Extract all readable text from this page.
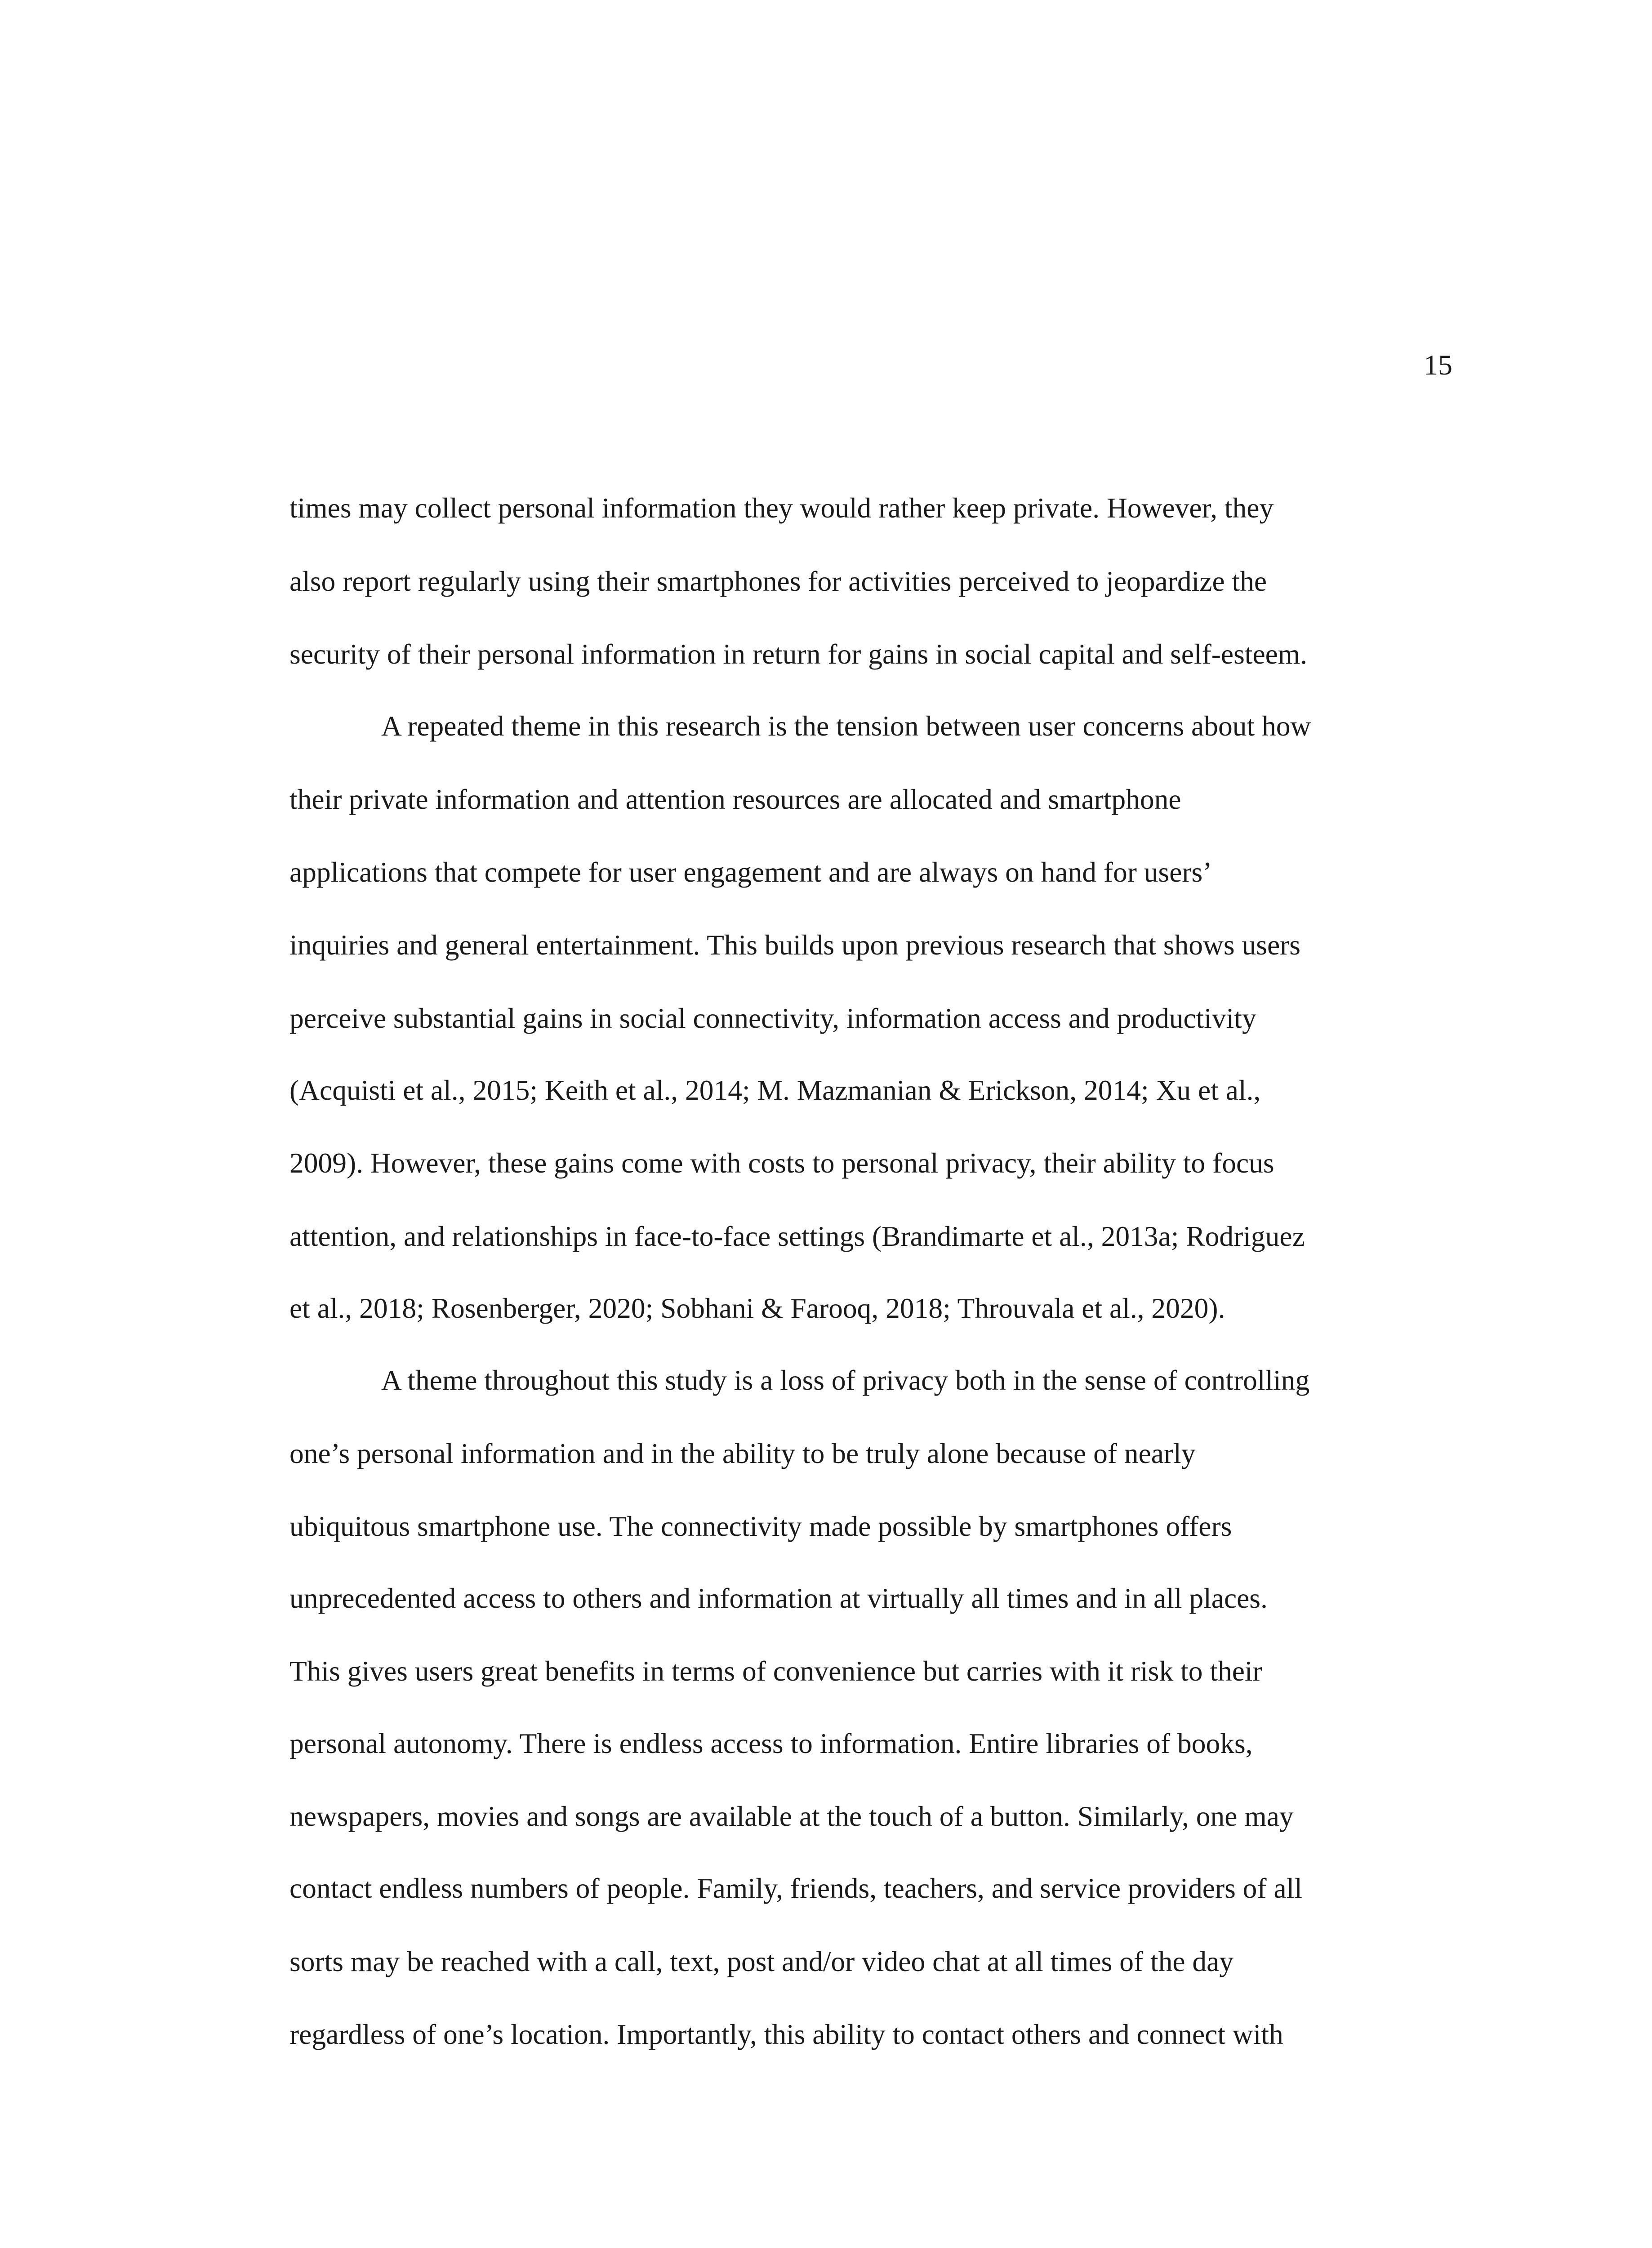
15
times may collect personal information they would rather keep private. However, they
also report regularly using their smartphones for activities perceived to jeopardize the
security of their personal information in return for gains in social capital and self-esteem.
A repeated theme in this research is the tension between user concerns about how
their private information and attention resources are allocated and smartphone
applications that compete for user engagement and are always on hand for users’
inquiries and general entertainment. This builds upon previous research that shows users
perceive substantial gains in social connectivity, information access and productivity
(Acquisti et al., 2015; Keith et al., 2014; M. Mazmanian & Erickson, 2014; Xu et al.,
2009). However, these gains come with costs to personal privacy, their ability to focus
attention, and relationships in face-to-face settings (Brandimarte et al., 2013a; Rodriguez
et al., 2018; Rosenberger, 2020; Sobhani & Farooq, 2018; Throuvala et al., 2020).
A theme throughout this study is a loss of privacy both in the sense of controlling
one’s personal information and in the ability to be truly alone because of nearly
ubiquitous smartphone use. The connectivity made possible by smartphones offers
unprecedented access to others and information at virtually all times and in all places.
This gives users great benefits in terms of convenience but carries with it risk to their
personal autonomy. There is endless access to information. Entire libraries of books,
newspapers, movies and songs are available at the touch of a button. Similarly, one may
contact endless numbers of people. Family, friends, teachers, and service providers of all
sorts may be reached with a call, text, post and/or video chat at all times of the day
regardless of one’s location. Importantly, this ability to contact others and connect with
